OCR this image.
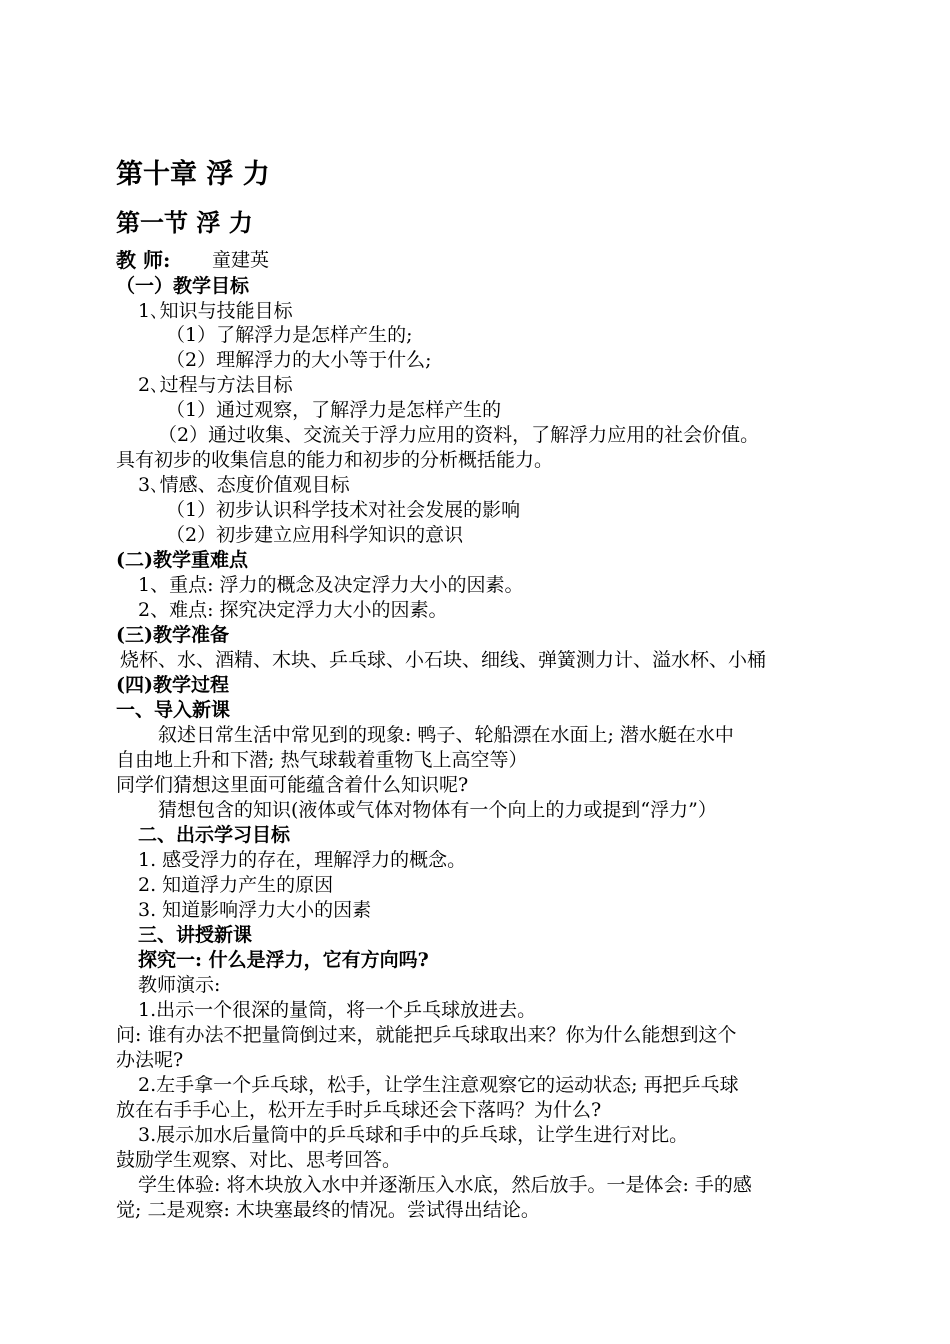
第十章 浮 力
第一节 浮 力
教 师: 童建英
（一）教学目标
1､知识与技能目标
（1）了解浮力是怎样产生的;
（2）理解浮力的大小等于什么;
2､过程与方法目标
（1）通过观察，了解浮力是怎样产生的
（2）通过收集、交流关于浮力应用的资料，了解浮力应用的社会价值。
具有初步的收集信息的能力和初步的分析概括能力。
3､情感、态度价值观目标
（1）初步认识科学技术对社会发展的影响
（2）初步建立应用科学知识的意识
(二)教学重难点
1、重点: 浮力的概念及决定浮力大小的因素。
2、难点: 探究决定浮力大小的因素。
(三)教学准备
烧杯、水、酒精、木块、乒乓球、小石块、细线、弹簧测力计、溢水杯、小桶
(四)教学过程
一、导入新课
叙述日常生活中常见到的现象: 鸭子、轮船漂在水面上; 潜水艇在水中
自由地上升和下潜; 热气球载着重物飞上高空等）
同学们猜想这里面可能蕴含着什么知识呢?
猜想包含的知识(液体或气体对物体有一个向上的力或提到“浮力”）
二、出示学习目标
1. 感受浮力的存在，理解浮力的概念。
2. 知道浮力产生的原因
3. 知道影响浮力大小的因素
三、讲授新课
探究一: 什么是浮力，它有方向吗?
教师演示:
1.出示一个很深的量筒，将一个乒乓球放进去。
问: 谁有办法不把量筒倒过来，就能把乒乓球取出来？你为什么能想到这个
办法呢?
2.左手拿一个乒乓球，松手，让学生注意观察它的运动状态; 再把乒乓球
放在右手手心上，松开左手时乒乓球还会下落吗？为什么?
3.展示加水后量筒中的乒乓球和手中的乒乓球，让学生进行对比。
鼓励学生观察、对比、思考回答。
学生体验: 将木块放入水中并逐渐压入水底，然后放手。一是体会: 手的感
觉; 二是观察: 木块塞最终的情况。尝试得出结论。
